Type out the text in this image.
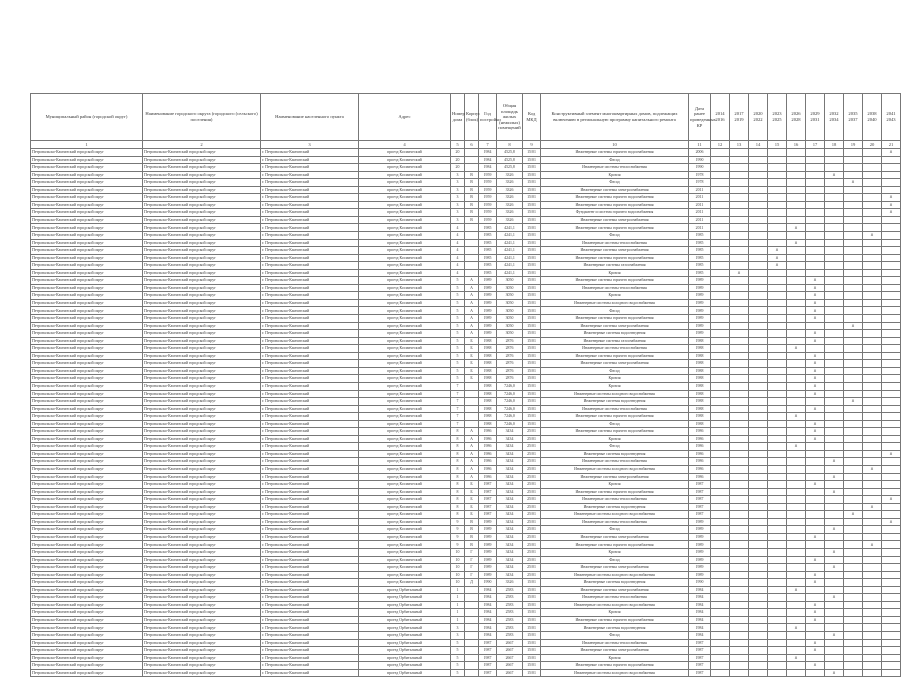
Муниципальный район (городской округ)	Наименование городского округа (городского (сельского) поселения)	Наименование населенного пункта	Адрес	Номер дома	Корпус (блок)	Год постройки	Общая площадь жилых (нежилых) помещений	Код МКД	Конструктивный элемент многоквартирных домов, подлежащих включению в региональную программу капитального ремонта	Дата ранее проведенных КР	2014 2016	2017 2019	2020 2022	2023 2025	2026 2028	2029 2031	2032 2034	2035 2037	2038 2040	2041 2043
1	2	3	4	5	6	7	8	9	10	11	12	13	14	15	16	17	18	19	20	21
Петровальско-Камчатский городской округ	Петровальско-Камчатский городской округ	г. Петровальско-Камчатский	проезд Космический	20		1984	4525,8	15/01	Инженерные системы горячего водоснабжения	2006										X
Петровальско-Камчатский городской округ	Петровальско-Камчатский городской округ	г. Петровальско-Камчатский	проезд Космический	20		1984	4525,8	15/01	Фасад	1990										
Петровальско-Камчатский городской округ	Петровальско-Камчатский городской округ	г. Петровальско-Камчатский	проезд Космический	20		1984	4525,8	15/01	Инженерные системы теплоснабжения	1990										
Петровальско-Камчатский городской округ	Петровальско-Камчатский городской округ	г. Петровальско-Камчатский	проезд Космический	3	В	1959	3326	15/01	Кровля	1978							X			
Петровальско-Камчатский городской округ	Петровальско-Камчатский городской округ	г. Петровальско-Камчатский	проезд Космический	3	В	1959	3326	15/01	Фасад	1978								X		
Петровальско-Камчатский городской округ	Петровальско-Камчатский городской округ	г. Петровальско-Камчатский	проезд Космический	3	В	1959	3326	15/01	Инженерные системы электроснабжения	2011										
Петровальско-Камчатский городской округ	Петровальско-Камчатский городской округ	г. Петровальско-Камчатский	проезд Космический	3	В	1959	3326	15/01	Инженерные системы горячего водоснабжения	2011										X
Петровальско-Камчатский городской округ	Петровальско-Камчатский городской округ	г. Петровальско-Камчатский	проезд Космический	3	В	1959	3326	15/01	Инженерные системы горячего водоснабжения	2011										X
Петровальско-Камчатский городской округ	Петровальско-Камчатский городской округ	г. Петровальско-Камчатский	проезд Космический	3	В	1959	3326	15/01	Фундамент и система горячего водоснабжения	2011										X
Петровальско-Камчатский городской округ	Петровальско-Камчатский городской округ	г. Петровальско-Камчатский	проезд Космический	3	В	1959	3326	15/01	Инженерные системы электроснабжения	2011										
Петровальско-Камчатский городской округ	Петровальско-Камчатский городской округ	г. Петровальско-Камчатский	проезд Космический	4		1985	4241,1	15/01	Инженерные системы горячего водоснабжения	2011					X					
Петровальско-Камчатский городской округ	Петровальско-Камчатский городской округ	г. Петровальско-Камчатский	проезд Космический	4		1985	4241,1	15/01	Фасад	1985									X	
Петровальско-Камчатский городской округ	Петровальско-Камчатский городской округ	г. Петровальско-Камчатский	проезд Космический	4		1985	4241,1	15/01	Инженерные системы теплоснабжения	1985					X					
Петровальско-Камчатский городской округ	Петровальско-Камчатский городской округ	г. Петровальско-Камчатский	проезд Космический	4		1985	4241,1	15/01	Инженерные системы электроснабжения	1985				X						
Петровальско-Камчатский городской округ	Петровальско-Камчатский городской округ	г. Петровальско-Камчатский	проезд Космический	4		1985	4241,1	15/01	Инженерные системы горячего водоснабжения	1985				X						
Петровальско-Камчатский городской округ	Петровальско-Камчатский городской округ	г. Петровальско-Камчатский	проезд Космический	4		1985	4241,1	15/01	Инженерные системы газоснабжения	1985				X						
Петровальско-Камчатский городской округ	Петровальско-Камчатский городской округ	г. Петровальско-Камчатский	проезд Космический	4		1985	4241,1	15/01	Кровля	1985		X								
Петровальско-Камчатский городской округ	Петровальско-Камчатский городской округ	г. Петровальско-Камчатский	проезд Космический	5	А	1989	3050	15/01	Инженерные системы горячего водоснабжения	1989						X				
Петровальско-Камчатский городской округ	Петровальско-Камчатский городской округ	г. Петровальско-Камчатский	проезд Космический	5	А	1989	3050	15/01	Инженерные системы теплоснабжения	1989						X				
Петровальско-Камчатский городской округ	Петровальско-Камчатский городской округ	г. Петровальско-Камчатский	проезд Космический	5	А	1989	3050	15/01	Кровля	1989						X				
Петровальско-Камчатский городской округ	Петровальско-Камчатский городской округ	г. Петровальско-Камчатский	проезд Космический	5	А	1989	3050	15/01	Инженерные системы холодного водоснабжения	1989						X				
Петровальско-Камчатский городской округ	Петровальско-Камчатский городской округ	г. Петровальско-Камчатский	проезд Космический	5	А	1989	3050	15/01	Фасад	1989						X				
Петровальско-Камчатский городской округ	Петровальско-Камчатский городской округ	г. Петровальско-Камчатский	проезд Космический	5	А	1989	3050	15/01	Инженерные системы горячего водоснабжения	1989						X				
Петровальско-Камчатский городской округ	Петровальско-Камчатский городской округ	г. Петровальско-Камчатский	проезд Космический	5	А	1989	3050	15/01	Инженерные системы электроснабжения	1989								X		
Петровальско-Камчатский городской округ	Петровальско-Камчатский городской округ	г. Петровальско-Камчатский	проезд Космический	5	А	1989	3050	15/01	Инженерные системы водоотведения	1989						X				
Петровальско-Камчатский городской округ	Петровальско-Камчатский городской округ	г. Петровальско-Камчатский	проезд Космический	5	Б	1988	2876	15/01	Инженерные системы газоснабжения	1988						X				
Петровальско-Камчатский городской округ	Петровальско-Камчатский городской округ	г. Петровальско-Камчатский	проезд Космический	5	Б	1988	2876	15/01	Инженерные системы теплоснабжения	1988					X					
Петровальско-Камчатский городской округ	Петровальско-Камчатский городской округ	г. Петровальско-Камчатский	проезд Космический	5	Б	1988	2876	15/01	Инженерные системы горячего водоснабжения	1988						X				
Петровальско-Камчатский городской округ	Петровальско-Камчатский городской округ	г. Петровальско-Камчатский	проезд Космический	5	Б	1988	2876	15/01	Инженерные системы электроснабжения	1988						X				
Петровальско-Камчатский городской округ	Петровальско-Камчатский городской округ	г. Петровальско-Камчатский	проезд Космический	5	Б	1988	2876	15/01	Фасад	1988						X				
Петровальско-Камчатский городской округ	Петровальско-Камчатский городской округ	г. Петровальско-Камчатский	проезд Космический	5	Б	1988	2876	15/01	Кровля	1988						X				
Петровальско-Камчатский городской округ	Петровальско-Камчатский городской округ	г. Петровальско-Камчатский	проезд Космический	7		1988	7246,0	15/01	Кровля	1988						X				
Петровальско-Камчатский городской округ	Петровальско-Камчатский городской округ	г. Петровальско-Камчатский	проезд Космический	7		1988	7246,0	15/01	Инженерные системы холодного водоснабжения	1988						X				
Петровальско-Камчатский городской округ	Петровальско-Камчатский городской округ	г. Петровальско-Камчатский	проезд Космический	7		1988	7246,0	15/01	Инженерные системы водоотведения	1988								X		
Петровальско-Камчатский городской округ	Петровальско-Камчатский городской округ	г. Петровальско-Камчатский	проезд Космический	7		1988	7246,0	15/01	Инженерные системы теплоснабжения	1988						X				
Петровальско-Камчатский городской округ	Петровальско-Камчатский городской округ	г. Петровальско-Камчатский	проезд Космический	7		1988	7246,0	15/01	Инженерные системы горячего водоснабжения	1988					X					
Петровальско-Камчатский городской округ	Петровальско-Камчатский городской округ	г. Петровальско-Камчатский	проезд Космический	7		1988	7246,0	15/01	Фасад	1988						X				
Петровальско-Камчатский городской округ	Петровальско-Камчатский городской округ	г. Петровальско-Камчатский	проезд Космический	8	А	1986	3434	25/01	Инженерные системы горячего водоснабжения	1986						X				
Петровальско-Камчатский городской округ	Петровальско-Камчатский городской округ	г. Петровальско-Камчатский	проезд Космический	8	А	1986	3434	25/01	Кровля	1986						X				
Петровальско-Камчатский городской округ	Петровальско-Камчатский городской округ	г. Петровальско-Камчатский	проезд Космический	8	А	1986	3434	25/01	Фасад	1986					X					
Петровальско-Камчатский городской округ	Петровальско-Камчатский городской округ	г. Петровальско-Камчатский	проезд Космический	8	А	1986	3434	25/01	Инженерные системы водоотведения	1986										X
Петровальско-Камчатский городской округ	Петровальско-Камчатский городской округ	г. Петровальско-Камчатский	проезд Космический	8	А	1986	3434	25/01	Инженерные системы теплоснабжения	1986							X			
Петровальско-Камчатский городской округ	Петровальско-Камчатский городской округ	г. Петровальско-Камчатский	проезд Космический	8	А	1986	3434	25/01	Инженерные системы холодного водоснабжения	1986									X	
Петровальско-Камчатский городской округ	Петровальско-Камчатский городской округ	г. Петровальско-Камчатский	проезд Космический	8	А	1986	3434	25/01	Инженерные системы электроснабжения	1986							X			
Петровальско-Камчатский городской округ	Петровальско-Камчатский городской округ	г. Петровальско-Камчатский	проезд Космический	8	Б	1987	3434	25/01	Кровля	1987						X				
Петровальско-Камчатский городской округ	Петровальско-Камчатский городской округ	г. Петровальско-Камчатский	проезд Космический	8	Б	1987	3434	25/01	Инженерные системы горячего водоснабжения	1987							X			
Петровальско-Камчатский городской округ	Петровальско-Камчатский городской округ	г. Петровальско-Камчатский	проезд Космический	8	Б	1987	3434	25/01	Инженерные системы теплоснабжения	1987										X
Петровальско-Камчатский городской округ	Петровальско-Камчатский городской округ	г. Петровальско-Камчатский	проезд Космический	8	Б	1987	3434	25/01	Инженерные системы водоотведения	1987									X	
Петровальско-Камчатский городской округ	Петровальско-Камчатский городской округ	г. Петровальско-Камчатский	проезд Космический	8	Б	1987	3434	25/01	Инженерные системы холодного водоснабжения	1987								X		
Петровальско-Камчатский городской округ	Петровальско-Камчатский городской округ	г. Петровальско-Камчатский	проезд Космический	9	В	1989	3434	25/01	Инженерные системы теплоснабжения	1989										X
Петровальско-Камчатский городской округ	Петровальско-Камчатский городской округ	г. Петровальско-Камчатский	проезд Космический	9	В	1989	3434	25/01	Фасад	1989							X			
Петровальско-Камчатский городской округ	Петровальско-Камчатский городской округ	г. Петровальско-Камчатский	проезд Космический	9	В	1989	3434	25/01	Инженерные системы электроснабжения	1989						X				
Петровальско-Камчатский городской округ	Петровальско-Камчатский городской округ	г. Петровальско-Камчатский	проезд Космический	9	В	1989	3434	25/01	Инженерные системы горячего водоснабжения	1989									X	
Петровальско-Камчатский городской округ	Петровальско-Камчатский городской округ	г. Петровальско-Камчатский	проезд Космический	10	Г	1989	3434	25/01	Кровля	1989							X			
Петровальско-Камчатский городской округ	Петровальско-Камчатский городской округ	г. Петровальско-Камчатский	проезд Космический	10	Г	1989	3434	25/01	Фасад	1989						X				
Петровальско-Камчатский городской округ	Петровальско-Камчатский городской округ	г. Петровальско-Камчатский	проезд Космический	10	Г	1989	3434	25/01	Инженерные системы электроснабжения	1989							X			
Петровальско-Камчатский городской округ	Петровальско-Камчатский городской округ	г. Петровальско-Камчатский	проезд Космический	10	Г	1989	3434	25/01	Инженерные системы холодного водоснабжения	1989						X				
Петровальско-Камчатский городской округ	Петровальско-Камчатский городской округ	г. Петровальско-Камчатский	проезд Космический	10	Д	1990	3326	15/01	Инженерные системы водоотведения	1990						X				
Петровальско-Камчатский городской округ	Петровальско-Камчатский городской округ	г. Петровальско-Камчатский	проезд Орбитальный	1		1984	2583	15/01	Инженерные системы электроснабжения	1984					X					
Петровальско-Камчатский городской округ	Петровальско-Камчатский городской округ	г. Петровальско-Камчатский	проезд Орбитальный	1		1984	2583	15/01	Инженерные системы теплоснабжения	1984							X			
Петровальско-Камчатский городской округ	Петровальско-Камчатский городской округ	г. Петровальско-Камчатский	проезд Орбитальный	1		1984	2583	15/01	Инженерные системы холодного водоснабжения	1984						X				
Петровальско-Камчатский городской округ	Петровальско-Камчатский городской округ	г. Петровальско-Камчатский	проезд Орбитальный	1		1984	2583	15/01	Кровля	1984						X				
Петровальско-Камчатский городской округ	Петровальско-Камчатский городской округ	г. Петровальско-Камчатский	проезд Орбитальный	1		1984	2583	15/01	Инженерные системы горячего водоснабжения	1984						X				
Петровальско-Камчатский городской округ	Петровальско-Камчатский городской округ	г. Петровальско-Камчатский	проезд Орбитальный	3		1984	2583	15/01	Инженерные системы водоотведения	1984					X					
Петровальско-Камчатский городской округ	Петровальско-Камчатский городской округ	г. Петровальско-Камчатский	проезд Орбитальный	3		1984	2583	15/01	Фасад	1984							X			
Петровальско-Камчатский городской округ	Петровальско-Камчатский городской округ	г. Петровальско-Камчатский	проезд Орбитальный	5		1987	2667	15/01	Инженерные системы теплоснабжения	1987						X				
Петровальско-Камчатский городской округ	Петровальско-Камчатский городской округ	г. Петровальско-Камчатский	проезд Орбитальный	5		1987	2667	15/01	Инженерные системы электроснабжения	1987						X				
Петровальско-Камчатский городской округ	Петровальско-Камчатский городской округ	г. Петровальско-Камчатский	проезд Орбитальный	5		1987	2667	15/01	Кровля	1987					X					
Петровальско-Камчатский городской округ	Петровальско-Камчатский городской округ	г. Петровальско-Камчатский	проезд Орбитальный	5		1987	2667	15/01	Инженерные системы горячего водоснабжения	1987						X				
Петровальско-Камчатский городской округ	Петровальско-Камчатский городской округ	г. Петровальско-Камчатский	проезд Орбитальный	5		1987	2667	15/01	Инженерные системы холодного водоснабжения	1987							X			
